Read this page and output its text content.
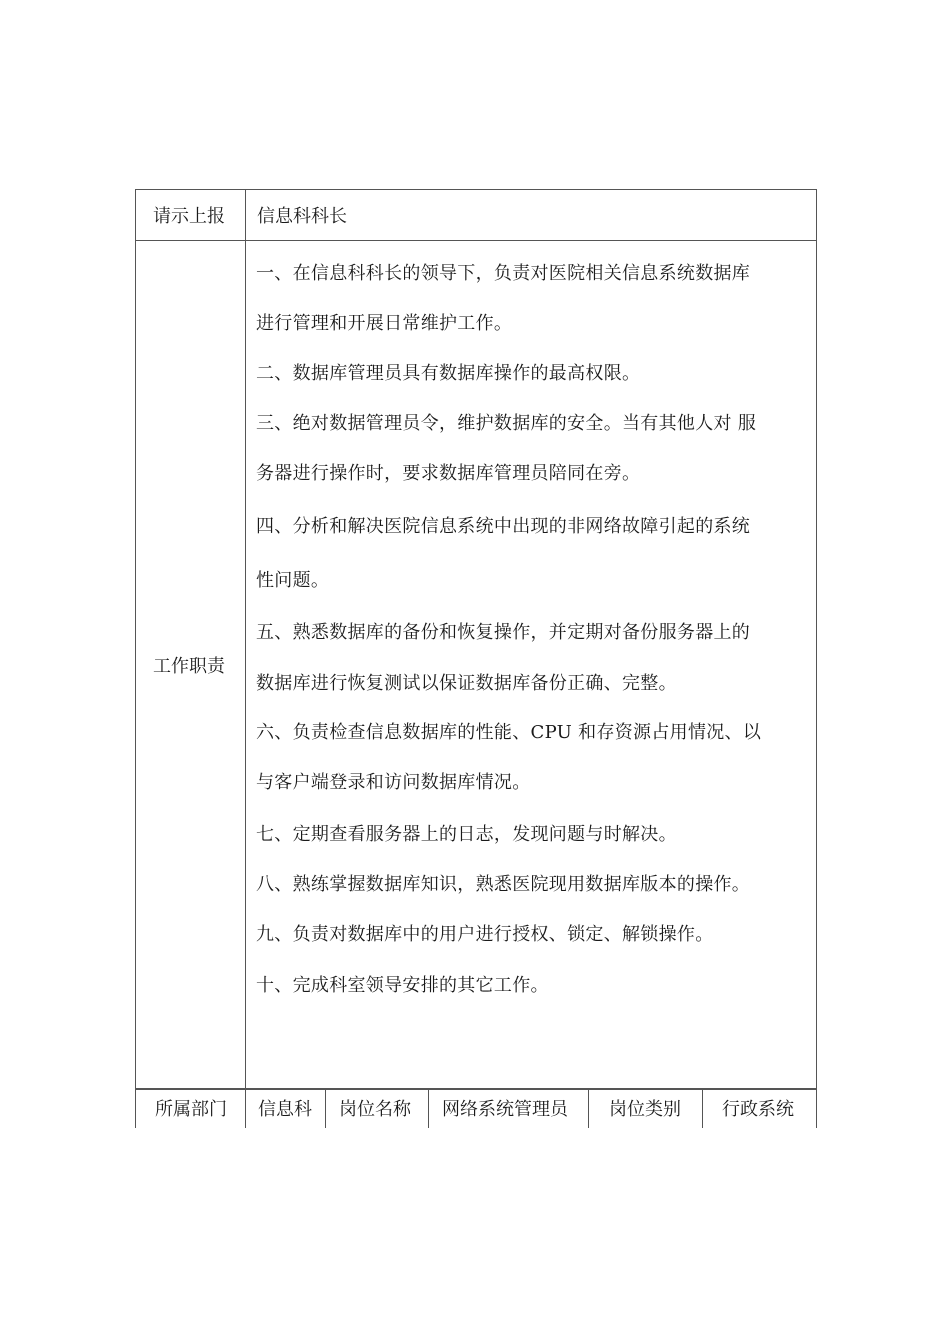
请示上报 信息科科长
工作职责
一、在信息科科长的领导下，负责对医院相关信息系统数据库
进行管理和开展日常维护工作。
二、数据库管理员具有数据库操作的最高权限。
三、绝对数据管理员令，维护数据库的安全。当有其他人对 服
务器进行操作时，要求数据库管理员陪同在旁。
四、分析和解决医院信息系统中出现的非网络故障引起的系统
性问题。
五、熟悉数据库的备份和恢复操作，并定期对备份服务器上的
数据库进行恢复测试以保证数据库备份正确、完整。
六、负责检查信息数据库的性能、CPU 和存资源占用情况、以
与客户端登录和访问数据库情况。
七、定期查看服务器上的日志，发现问题与时解决。
八、熟练掌握数据库知识，熟悉医院现用数据库版本的操作。
九、负责对数据库中的用户进行授权、锁定、解锁操作。
十、完成科室领导安排的其它工作。
所属部门 信息科 岗位名称 网络系统管理员 岗位类别 行政系统
